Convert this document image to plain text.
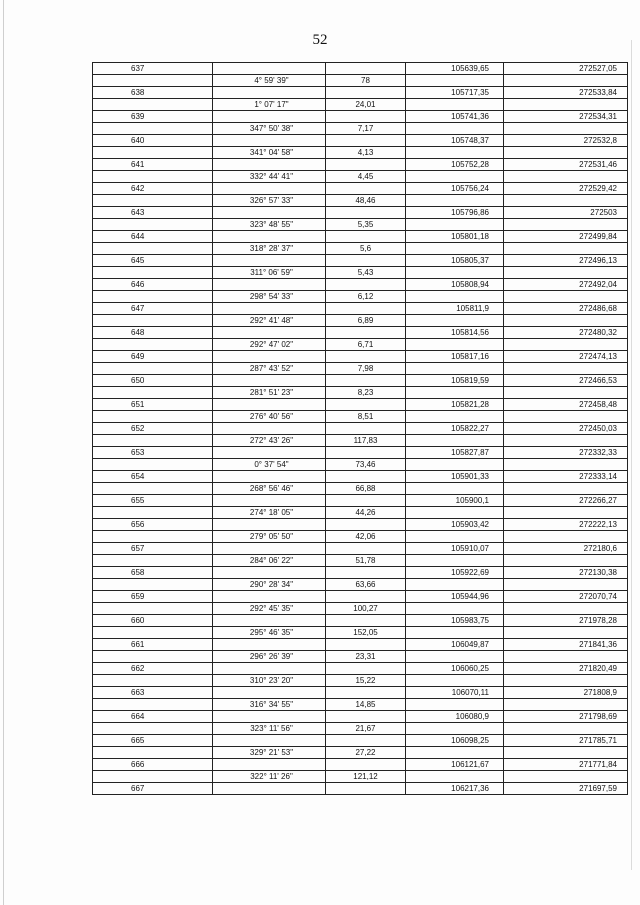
52
637			105639,65	272527,05
	4° 59' 39"	78		
638			105717,35	272533,84
	1° 07' 17"	24,01		
639			105741,36	272534,31
	347° 50' 38"	7,17		
640			105748,37	272532,8
	341° 04' 58"	4,13		
641			105752,28	272531,46
	332° 44' 41"	4,45		
642			105756,24	272529,42
	326° 57' 33"	48,46		
643			105796,86	272503
	323° 48' 55"	5,35		
644			105801,18	272499,84
	318° 28' 37"	5,6		
645			105805,37	272496,13
	311° 06' 59"	5,43		
646			105808,94	272492,04
	298° 54' 33"	6,12		
647			105811,9	272486,68
	292° 41' 48"	6,89		
648			105814,56	272480,32
	292° 47' 02"	6,71		
649			105817,16	272474,13
	287° 43' 52"	7,98		
650			105819,59	272466,53
	281° 51' 23"	8,23		
651			105821,28	272458,48
	276° 40' 56"	8,51		
652			105822,27	272450,03
	272° 43' 26"	117,83		
653			105827,87	272332,33
	0° 37' 54"	73,46		
654			105901,33	272333,14
	268° 56' 46"	66,88		
655			105900,1	272266,27
	274° 18' 05"	44,26		
656			105903,42	272222,13
	279° 05' 50"	42,06		
657			105910,07	272180,6
	284° 06' 22"	51,78		
658			105922,69	272130,38
	290° 28' 34"	63,66		
659			105944,96	272070,74
	292° 45' 35"	100,27		
660			105983,75	271978,28
	295° 46' 35"	152,05		
661			106049,87	271841,36
	296° 26' 39"	23,31		
662			106060,25	271820,49
	310° 23' 20"	15,22		
663			106070,11	271808,9
	316° 34' 55"	14,85		
664			106080,9	271798,69
	323° 11' 56"	21,67		
665			106098,25	271785,71
	329° 21' 53"	27,22		
666			106121,67	271771,84
	322° 11' 26"	121,12		
667			106217,36	271697,59
